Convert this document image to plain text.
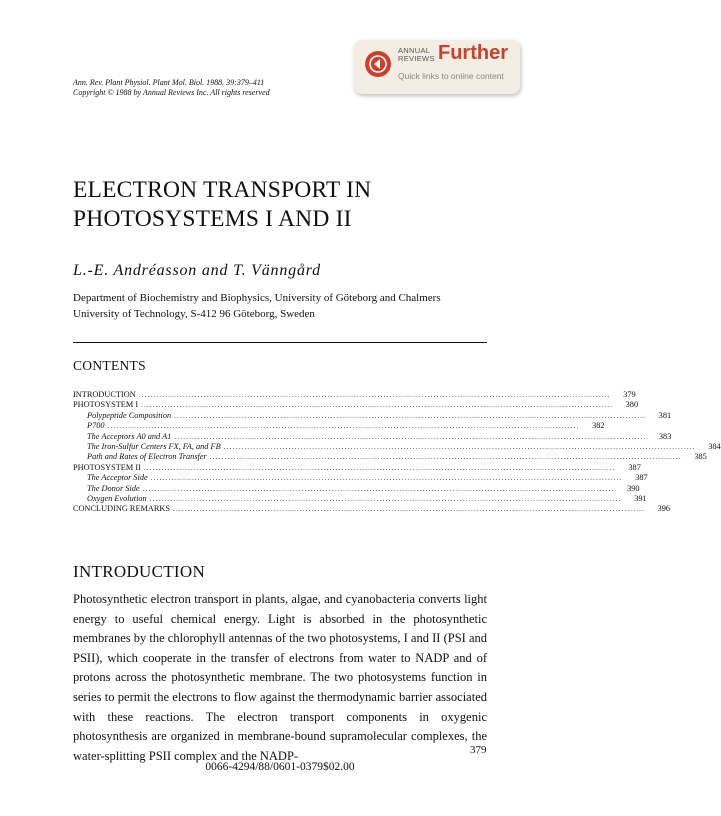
ANNUAL
REVIEWS Further
Quick links to online content
Ann. Rev. Plant Physiol. Plant Mol. Biol. 1988. 39:379–411
Copyright © 1988 by Annual Reviews Inc. All rights reserved
ELECTRON TRANSPORT IN
PHOTOSYSTEMS I AND II
L.-E. Andréasson and T. Vänngård
Department of Biochemistry and Biophysics, University of Göteborg and Chalmers University of Technology, S-412 96 Göteborg, Sweden
CONTENTS
INTRODUCTION ................................................................................................................................................................	379
PHOTOSYSTEM I ................................................................................................................................................................	380
Polypeptide Composition ................................................................................................................................................................	381
P700 ................................................................................................................................................................	382
The Acceptors A0 and A1 ................................................................................................................................................................	383
The Iron-Sulfur Centers FX, FA, and FB ................................................................................................................................................................	384
Path and Rates of Electron Transfer ................................................................................................................................................................	385
PHOTOSYSTEM II ................................................................................................................................................................	387
The Acceptor Side ................................................................................................................................................................	387
The Donor Side ................................................................................................................................................................	390
Oxygen Evolution ................................................................................................................................................................	391
CONCLUDING REMARKS ................................................................................................................................................................	396
INTRODUCTION
Photosynthetic electron transport in plants, algae, and cyanobacteria converts light energy to useful chemical energy. Light is absorbed in the photosynthetic membranes by the chlorophyll antennas of the two photosystems, I and II (PSI and PSII), which cooperate in the transfer of electrons from water to NADP and of protons across the photosynthetic membrane. The two photosystems function in series to permit the electrons to flow against the thermodynamic barrier associated with these reactions. The electron transport components in oxygenic photosynthesis are organized in membrane-bound supramolecular complexes, the water-splitting PSII complex and the NADP-	379
0066-4294/88/0601-0379$02.00
